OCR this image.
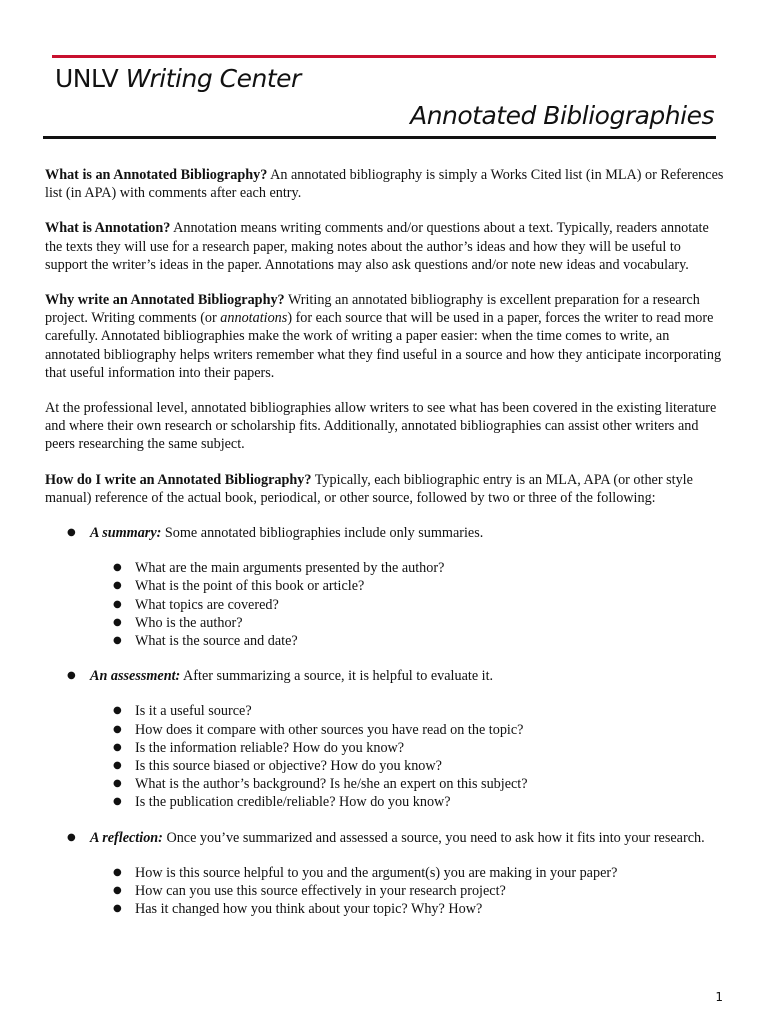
UNLV Writing Center
Annotated Bibliographies

What is an Annotated Bibliography? An annotated bibliography is simply a Works Cited list (in MLA) or References list (in APA) with comments after each entry.

What is Annotation? Annotation means writing comments and/or questions about a text. Typically, readers annotate the texts they will use for a research paper, making notes about the author’s ideas and how they will be useful to support the writer’s ideas in the paper. Annotations may also ask questions and/or note new ideas and vocabulary.

Why write an Annotated Bibliography? Writing an annotated bibliography is excellent preparation for a research project. Writing comments (or annotations) for each source that will be used in a paper, forces the writer to read more carefully. Annotated bibliographies make the work of writing a paper easier: when the time comes to write, an annotated bibliography helps writers remember what they find useful in a source and how they anticipate incorporating that useful information into their papers.

At the professional level, annotated bibliographies allow writers to see what has been covered in the existing literature and where their own research or scholarship fits. Additionally, annotated bibliographies can assist other writers and peers researching the same subject.

How do I write an Annotated Bibliography? Typically, each bibliographic entry is an MLA, APA (or other style manual) reference of the actual book, periodical, or other source, followed by two or three of the following:

● A summary: Some annotated bibliographies include only summaries.
● What are the main arguments presented by the author?
● What is the point of this book or article?
● What topics are covered?
● Who is the author?
● What is the source and date?
● An assessment: After summarizing a source, it is helpful to evaluate it.
● Is it a useful source?
● How does it compare with other sources you have read on the topic?
● Is the information reliable? How do you know?
● Is this source biased or objective? How do you know?
● What is the author’s background? Is he/she an expert on this subject?
● Is the publication credible/reliable? How do you know?
● A reflection: Once you’ve summarized and assessed a source, you need to ask how it fits into your research.
● How is this source helpful to you and the argument(s) you are making in your paper?
● How can you use this source effectively in your research project?
● Has it changed how you think about your topic? Why? How?
1
